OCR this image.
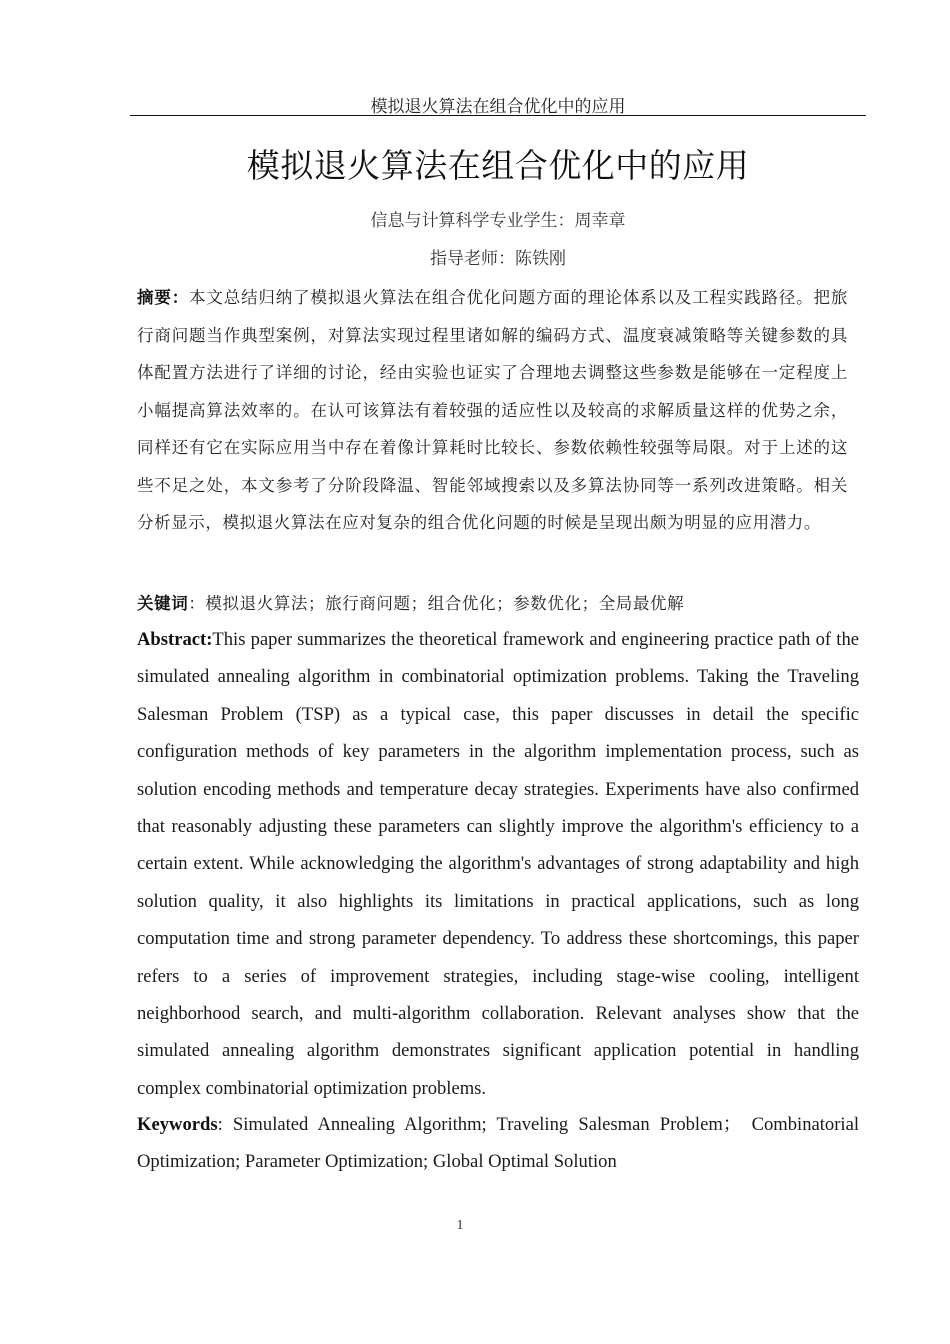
模拟退火算法在组合优化中的应用
模拟退火算法在组合优化中的应用
信息与计算科学专业学生：周幸章
指导老师：陈铁刚
摘要：本文总结归纳了模拟退火算法在组合优化问题方面的理论体系以及工程实践路径。把旅行商问题当作典型案例，对算法实现过程里诸如解的编码方式、温度衰减策略等关键参数的具体配置方法进行了详细的讨论，经由实验也证实了合理地去调整这些参数是能够在一定程度上小幅提高算法效率的。在认可该算法有着较强的适应性以及较高的求解质量这样的优势之余，同样还有它在实际应用当中存在着像计算耗时比较长、参数依赖性较强等局限。对于上述的这些不足之处，本文参考了分阶段降温、智能邻域搜索以及多算法协同等一系列改进策略。相关分析显示，模拟退火算法在应对复杂的组合优化问题的时候是呈现出颇为明显的应用潜力。
关键词：模拟退火算法；旅行商问题；组合优化；参数优化；全局最优解
Abstract:This paper summarizes the theoretical framework and engineering practice path of the simulated annealing algorithm in combinatorial optimization problems. Taking the Traveling Salesman Problem (TSP) as a typical case, this paper discusses in detail the specific configuration methods of key parameters in the algorithm implementation process, such as solution encoding methods and temperature decay strategies. Experiments have also confirmed that reasonably adjusting these parameters can slightly improve the algorithm's efficiency to a certain extent. While acknowledging the algorithm's advantages of strong adaptability and high solution quality, it also highlights its limitations in practical applications, such as long computation time and strong parameter dependency. To address these shortcomings, this paper refers to a series of improvement strategies, including stage-wise cooling, intelligent neighborhood search, and multi-algorithm collaboration. Relevant analyses show that the simulated annealing algorithm demonstrates significant application potential in handling complex combinatorial optimization problems.
Keywords: Simulated Annealing Algorithm; Traveling Salesman Problem； Combinatorial Optimization; Parameter Optimization; Global Optimal Solution
1
